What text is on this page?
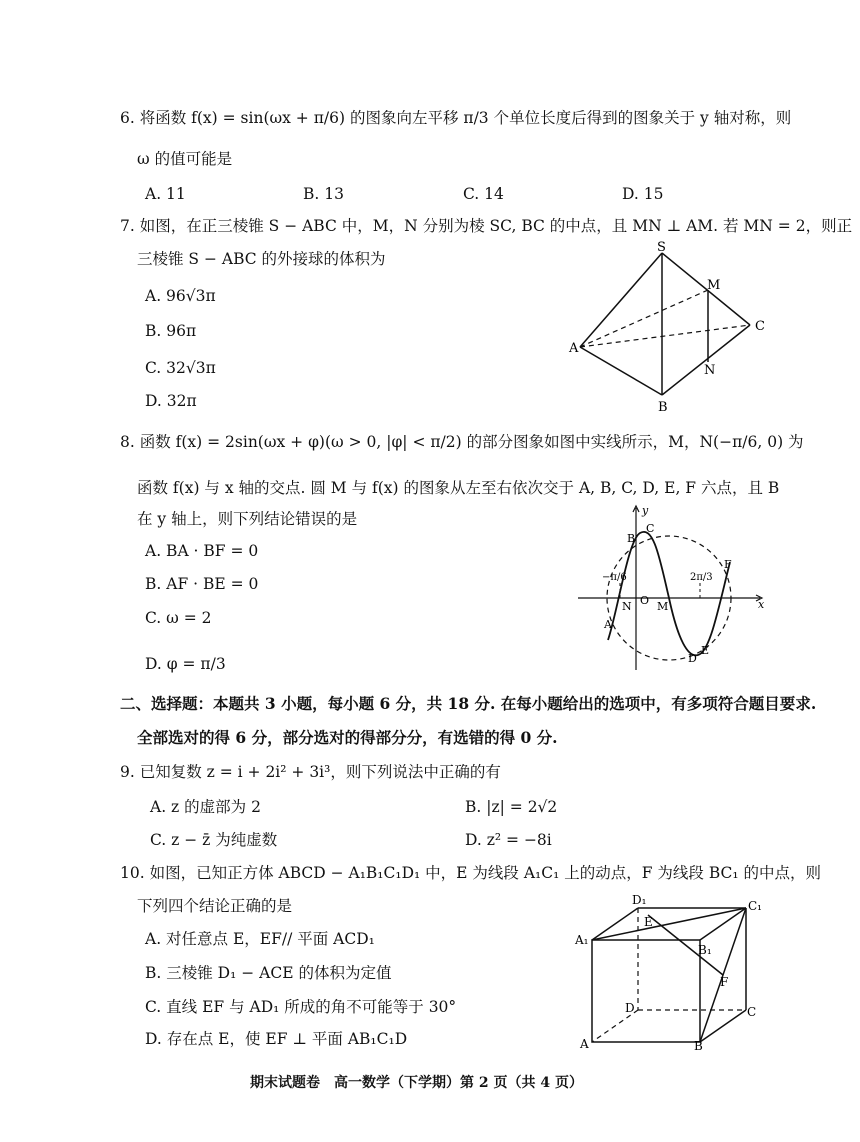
6. 将函数 f(x) = sin(ωx + π/6) 的图象向左平移 π/3 个单位长度后得到的图象关于 y 轴对称，则
ω 的值可能是
A. 11	B. 13	C. 14	D. 15
7. 如图，在正三棱锥 S − ABC 中，M，N 分别为棱 SC, BC 的中点，且 MN ⊥ AM. 若 MN = 2，则正
三棱锥 S − ABC 的外接球的体积为
A. 96√3π
B. 96π
C. 32√3π
D. 32π
S
M
C
A
N
B
8. 函数 f(x) = 2sin(ωx + φ)(ω > 0, |φ| < π/2) 的部分图象如图中实线所示，M，N(−π/6, 0) 为
函数 f(x) 与 x 轴的交点. 圆 M 与 f(x) 的图象从左至右依次交于 A, B, C, D, E, F 六点，且 B
在 y 轴上，则下列结论错误的是
A. BA · BF = 0
B. AF · BE = 0
C. ω = 2
D. φ = π/3
y
x
B
C
F
N O M
A
D
E
−π/6	2π/3
二、选择题：本题共 3 小题，每小题 6 分，共 18 分. 在每小题给出的选项中，有多项符合题目要求.
全部选对的得 6 分，部分选对的得部分分，有选错的得 0 分.
9. 已知复数 z = i + 2i² + 3i³，则下列说法中正确的有
A. z 的虚部为 2	B. |z| = 2√2
C. z − z̄ 为纯虚数	D. z² = −8i
10. 如图，已知正方体 ABCD − A₁B₁C₁D₁ 中，E 为线段 A₁C₁ 上的动点，F 为线段 BC₁ 的中点，则
下列四个结论正确的是
A. 对任意点 E，EF// 平面 ACD₁
B. 三棱锥 D₁ − ACE 的体积为定值
C. 直线 EF 与 AD₁ 所成的角不可能等于 30°
D. 存在点 E，使 EF ⊥ 平面 AB₁C₁D
D₁
E
C₁
A₁
B₁
F
D	C
A	B
期末试题卷　高一数学（下学期）第 2 页（共 4 页）
